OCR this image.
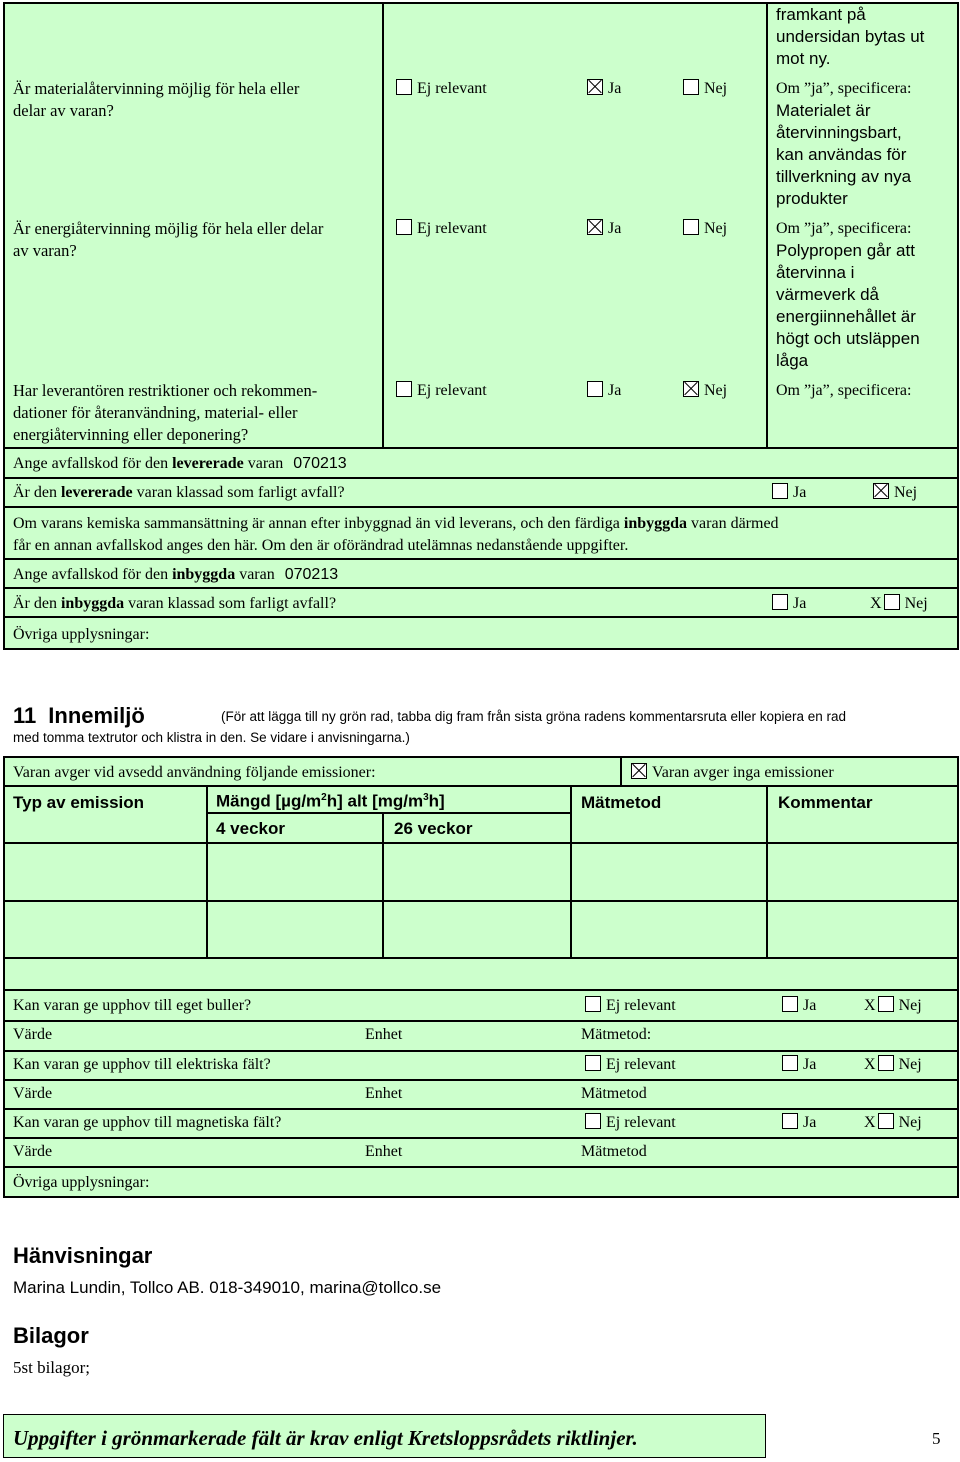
framkant på
undersidan bytas ut
mot ny.
Är materialåtervinning möjlig för hela eller
delar av varan?
Ej relevant	Ja	Nej	Om ”ja”, specificera:
Materialet är
återvinningsbart,
kan användas för
tillverkning av nya
produkter
Är energiåtervinning möjlig för hela eller delar
av varan?
Ej relevant	Ja	Nej	Om ”ja”, specificera:
Polypropen går att
återvinna i
värmeverk då
energiinnehållet är
högt och utsläppen
låga
Har leverantören restriktioner och rekommen-
dationer för återanvändning, material- eller
energiåtervinning eller deponering?
Ej relevant	Ja	Nej	Om ”ja”, specificera:
Ange avfallskod för den levererade varan 070213
Är den levererade varan klassad som farligt avfall?	Ja	Nej
Om varans kemiska sammansättning är annan efter inbyggnad än vid leverans, och den färdiga inbyggda varan därmed
får en annan avfallskod anges den här. Om den är oförändrad utelämnas nedanstående uppgifter.
Ange avfallskod för den inbyggda varan 070213
Är den inbyggda varan klassad som farligt avfall?	Ja	X Nej
Övriga upplysningar:
11 Innemiljö	(För att lägga till ny grön rad, tabba dig fram från sista gröna radens kommentarsruta eller kopiera en rad
med tomma textrutor och klistra in den. Se vidare i anvisningarna.)
Varan avger vid avsedd användning följande emissioner:	Varan avger inga emissioner
Typ av emission	Mängd $[\mu g/m^2h]$ alt $[mg/m^3h]$
4 veckor	26 veckor
Mätmetod	Kommentar
Kan varan ge upphov till eget buller?	Ej relevant	Ja	X Nej
Värde	Enhet	Mätmetod:
Kan varan ge upphov till elektriska fält?	Ej relevant	Ja	X Nej
Värde	Enhet	Mätmetod
Kan varan ge upphov till magnetiska fält?	Ej relevant	Ja	X Nej
Värde	Enhet	Mätmetod
Övriga upplysningar:
Hänvisningar
Marina Lundin, Tollco AB. 018-349010, marina@tollco.se
Bilagor
5st bilagor;
Uppgifter i grönmarkerade fält är krav enligt Kretsloppsrådets riktlinjer.	5
